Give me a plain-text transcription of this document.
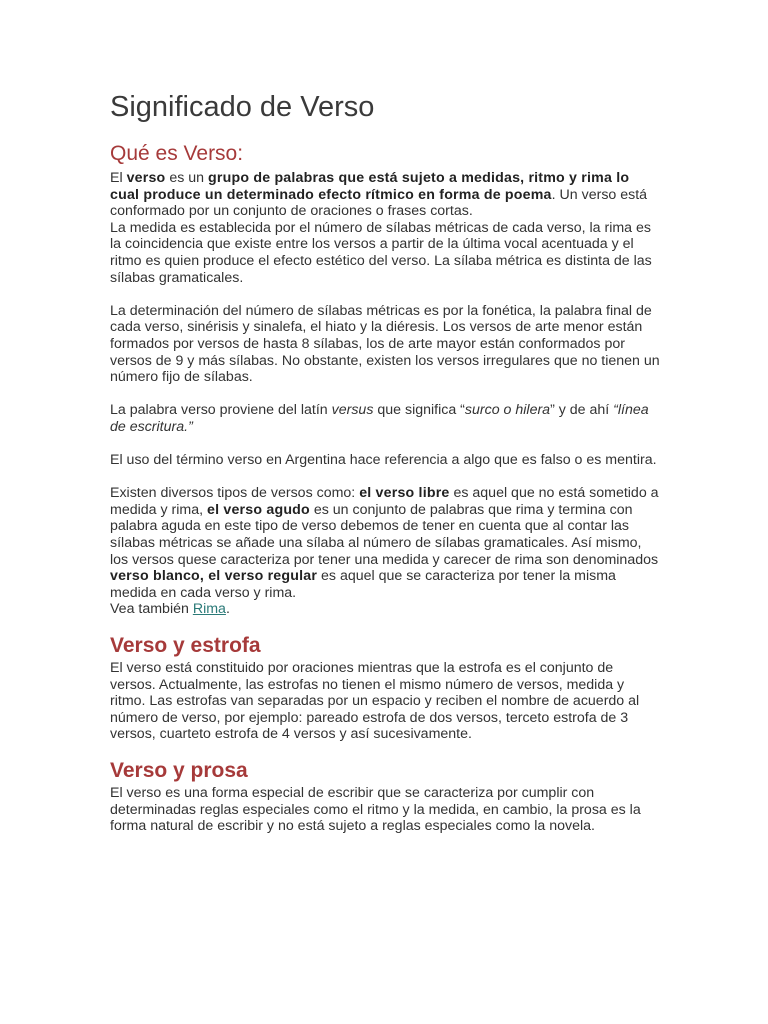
Significado de Verso
Qué es Verso:

El verso es un grupo de palabras que está sujeto a medidas, ritmo y rima lo cual produce un determinado efecto rítmico en forma de poema. Un verso está conformado por un conjunto de oraciones o frases cortas.

La medida es establecida por el número de sílabas métricas de cada verso, la rima es la coincidencia que existe entre los versos a partir de la última vocal acentuada y el ritmo es quien produce el efecto estético del verso. La sílaba métrica es distinta de las sílabas gramaticales.

La determinación del número de sílabas métricas es por la fonética, la palabra final de cada verso, sinérisis y sinalefa, el hiato y la diéresis. Los versos de arte menor están formados por versos de hasta 8 sílabas, los de arte mayor están conformados por versos de 9 y más sílabas. No obstante, existen los versos irregulares que no tienen un número fijo de sílabas.

La palabra verso proviene del latín versus que significa “surco o hilera” y de ahí “línea de escritura.”

El uso del término verso en Argentina hace referencia a algo que es falso o es mentira.

Existen diversos tipos de versos como: el verso libre es aquel que no está sometido a medida y rima, el verso agudo es un conjunto de palabras que rima y termina con palabra aguda en este tipo de verso debemos de tener en cuenta que al contar las sílabas métricas se añade una sílaba al número de sílabas gramaticales. Así mismo, los versos quese caracteriza por tener una medida y carecer de rima son denominados verso blanco, el verso regular es aquel que se caracteriza por tener la misma medida en cada verso y rima.

Vea también Rima.

Verso y estrofa

El verso está constituido por oraciones mientras que la estrofa es el conjunto de versos. Actualmente, las estrofas no tienen el mismo número de versos, medida y ritmo. Las estrofas van separadas por un espacio y reciben el nombre de acuerdo al número de verso, por ejemplo: pareado estrofa de dos versos, terceto estrofa de 3 versos, cuarteto estrofa de 4 versos y así sucesivamente.

Verso y prosa

El verso es una forma especial de escribir que se caracteriza por cumplir con determinadas reglas especiales como el ritmo y la medida, en cambio, la prosa es la forma natural de escribir y no está sujeto a reglas especiales como la novela.
